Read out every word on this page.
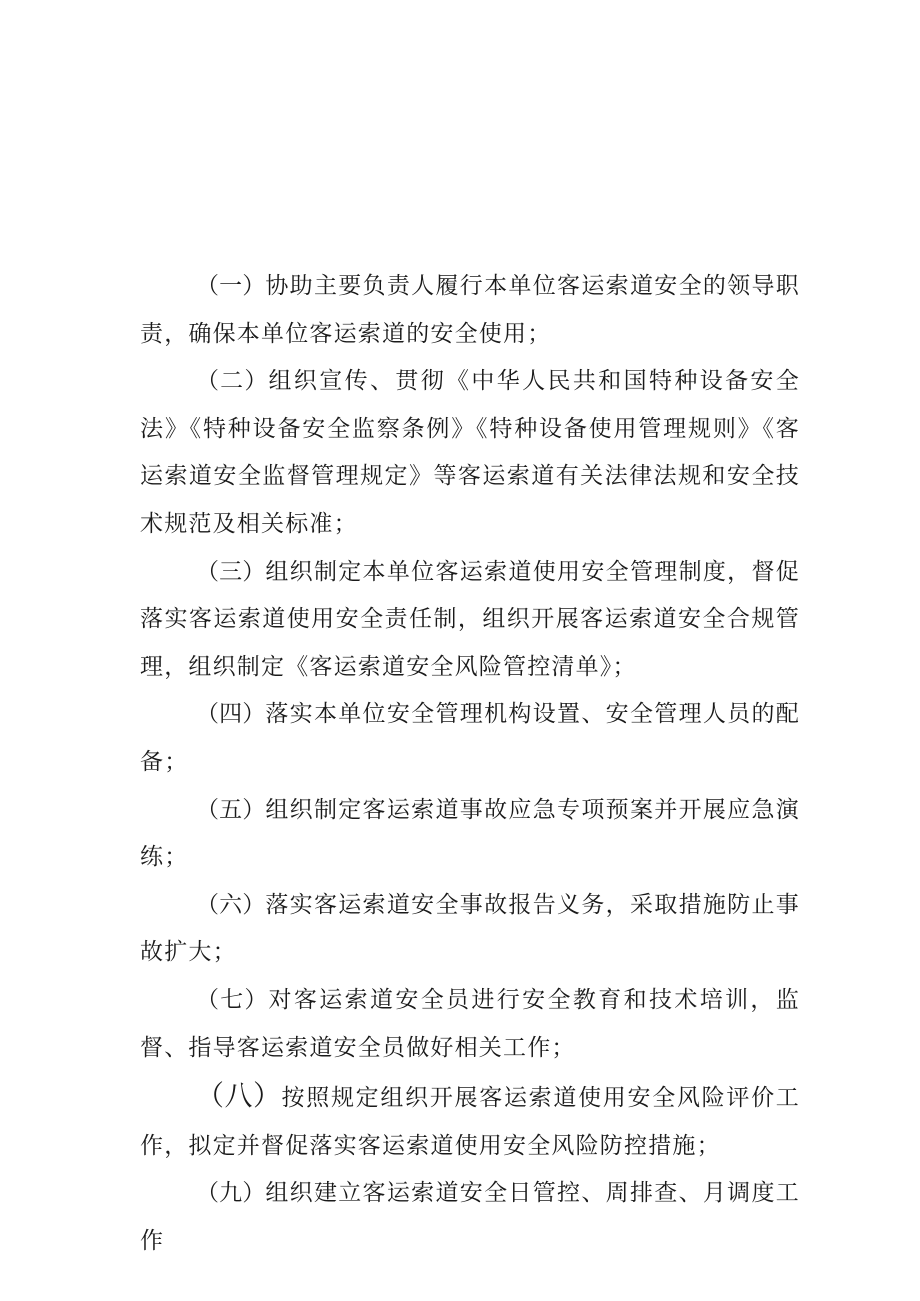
（一）协助主要负责人履行本单位客运索道安全的领导职责，确保本单位客运索道的安全使用；

（二）组织宣传、贯彻《中华人民共和国特种设备安全法》《特种设备安全监察条例》《特种设备使用管理规则》《客运索道安全监督管理规定》等客运索道有关法律法规和安全技术规范及相关标准；

（三）组织制定本单位客运索道使用安全管理制度，督促落实客运索道使用安全责任制，组织开展客运索道安全合规管理，组织制定《客运索道安全风险管控清单》；

（四）落实本单位安全管理机构设置、安全管理人员的配备；

（五）组织制定客运索道事故应急专项预案并开展应急演练；

（六）落实客运索道安全事故报告义务，采取措施防止事故扩大；

（七）对客运索道安全员进行安全教育和技术培训，监督、指导客运索道安全员做好相关工作；

（八）按照规定组织开展客运索道使用安全风险评价工作，拟定并督促落实客运索道使用安全风险防控措施；

（九）组织建立客运索道安全日管控、周排查、月调度工作
